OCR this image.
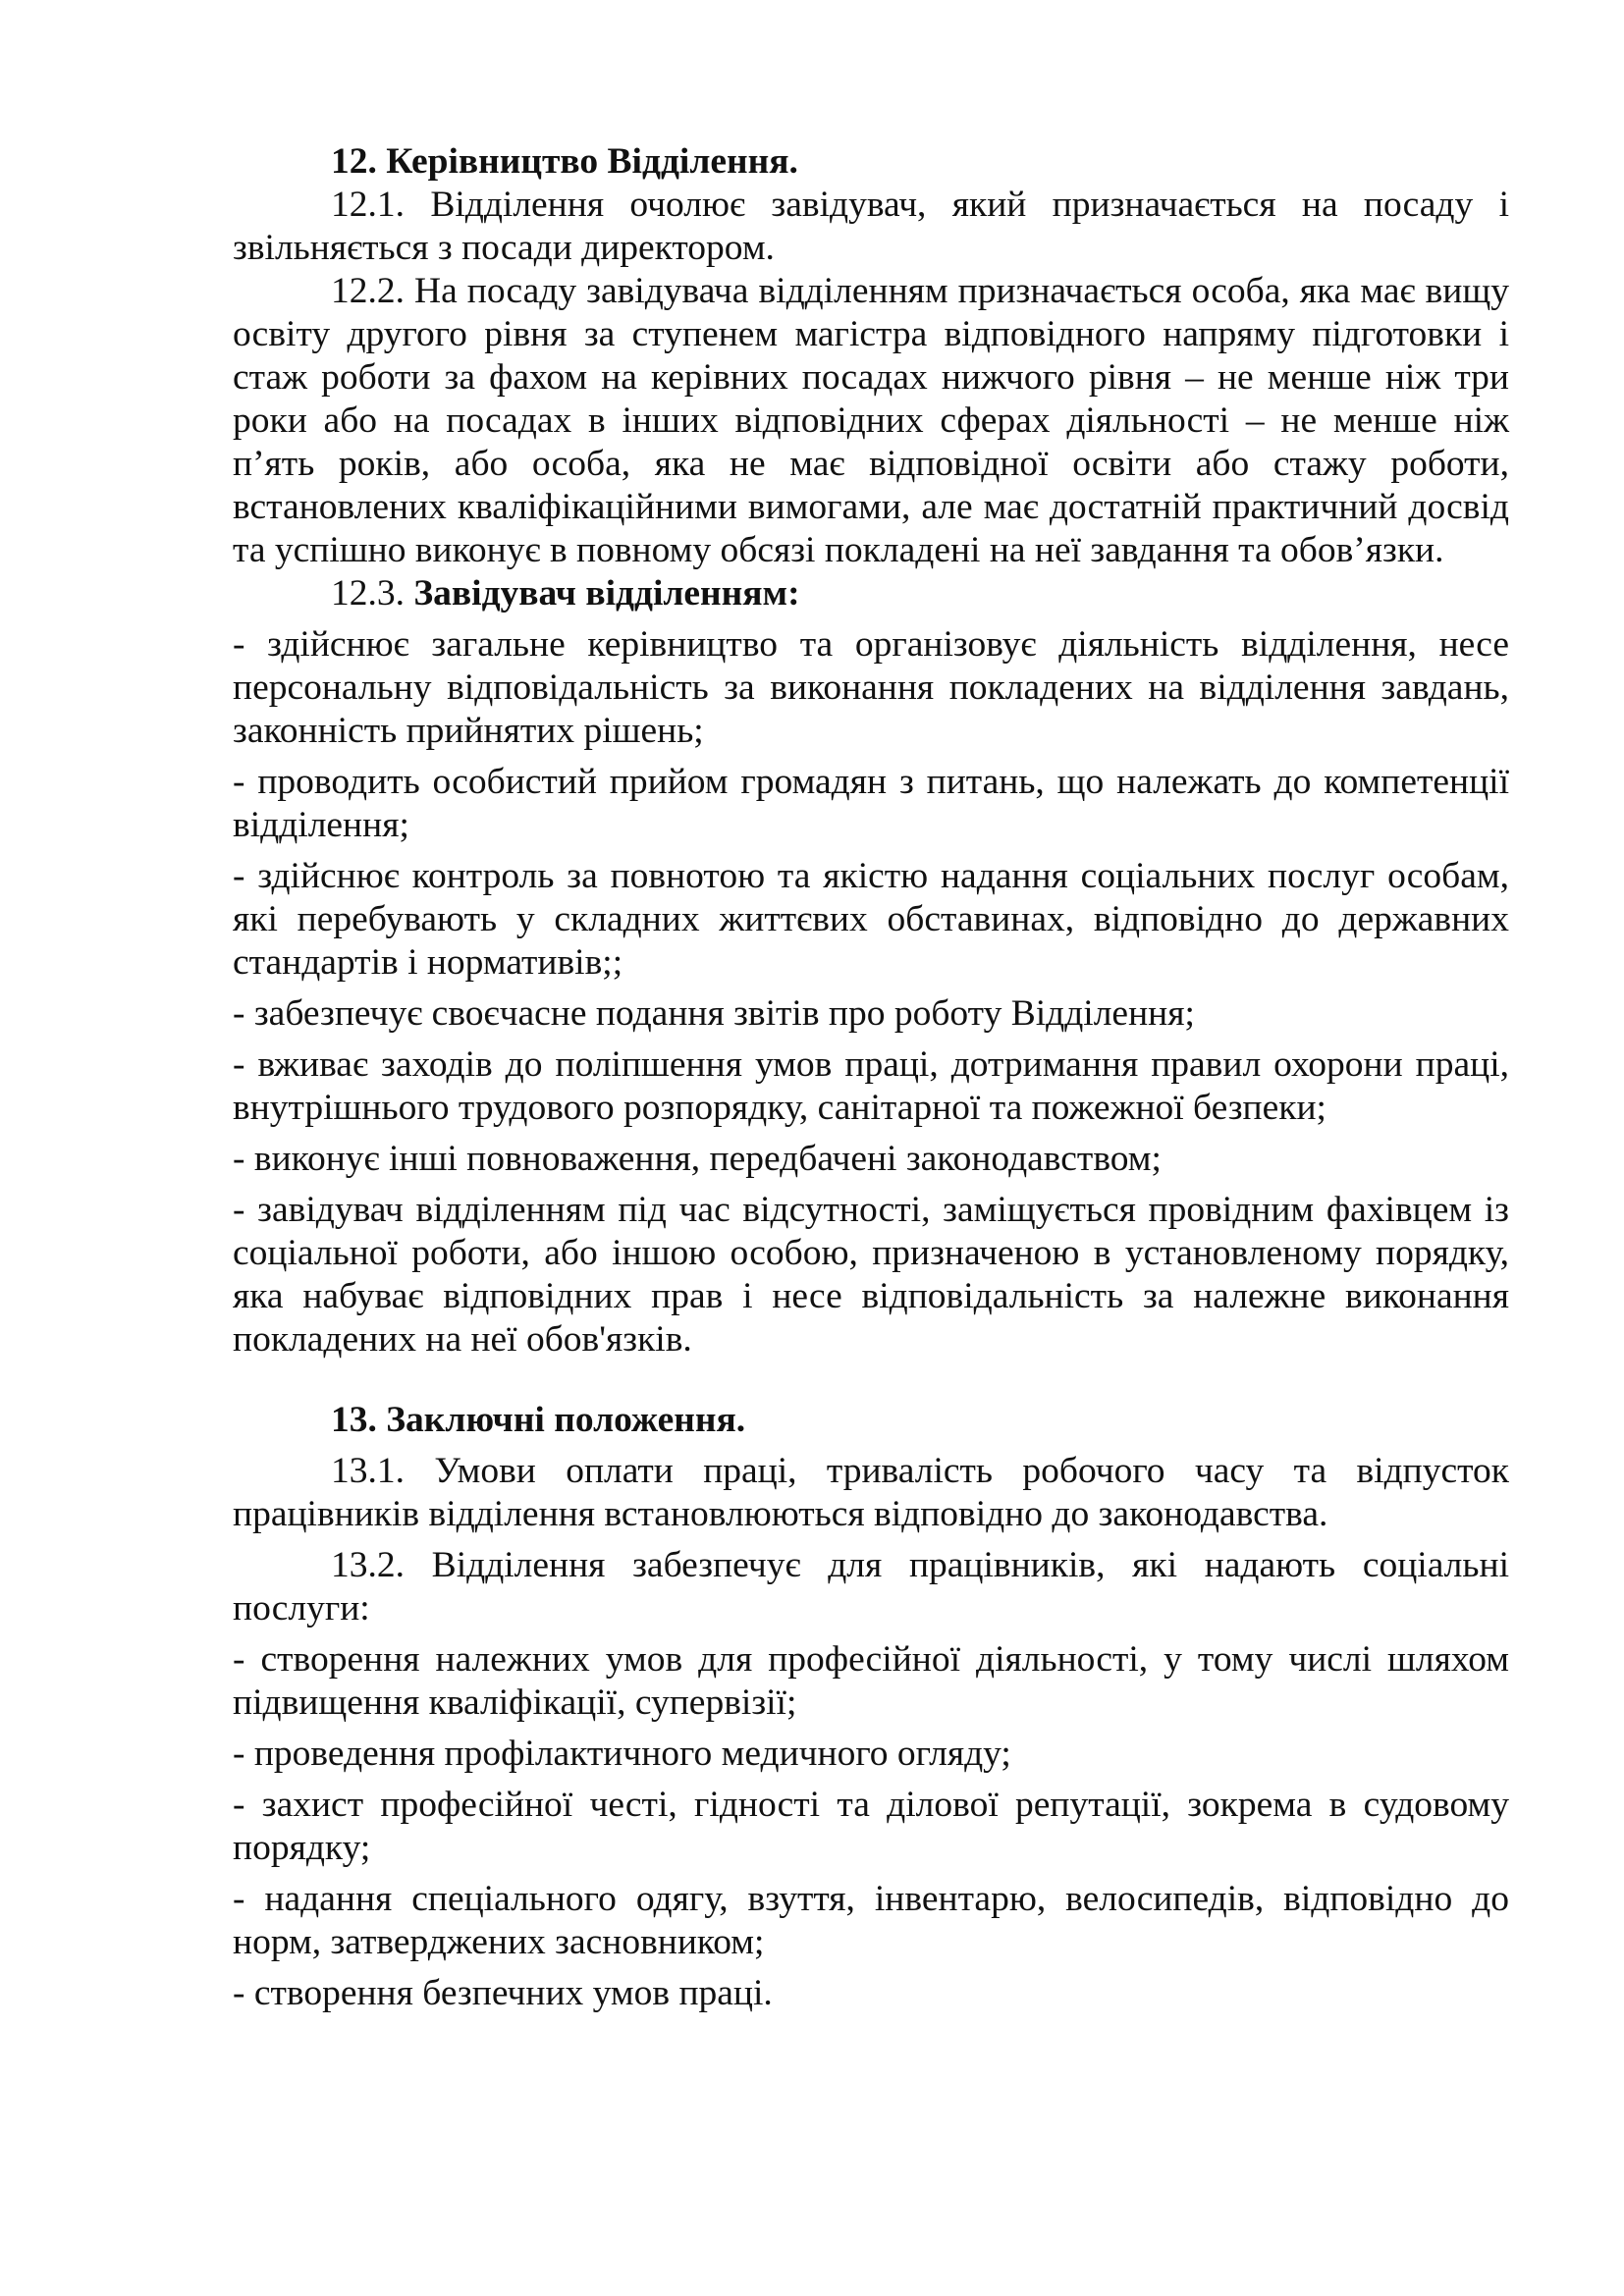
12. Керівництво Відділення.

12.1. Відділення очолює завідувач, який призначається на посаду і звільняється з посади директором.

12.2. На посаду завідувача відділенням призначається особа, яка має вищу освіту другого рівня за ступенем магістра відповідного напряму підготовки і стаж роботи за фахом на керівних посадах нижчого рівня – не менше ніж три роки або на посадах в інших відповідних сферах діяльності – не менше ніж п’ять років, або особа, яка не має відповідної освіти або стажу роботи, встановлених кваліфікаційними вимогами, але має достатній практичний досвід та успішно виконує в повному обсязі покладені на неї завдання та обов’язки.

12.3. Завідувач відділенням:

- здійснює загальне керівництво та організовує діяльність відділення, несе персональну відповідальність за виконання покладених на відділення завдань, законність прийнятих рішень;

- проводить особистий прийом громадян з питань, що належать до компетенції відділення;

- здійснює контроль за повнотою та якістю надання соціальних послуг особам, які перебувають у складних життєвих обставинах, відповідно до державних стандартів і нормативів;;

- забезпечує своєчасне подання звітів про роботу Відділення;

- вживає заходів до поліпшення умов праці, дотримання правил охорони праці, внутрішнього трудового розпорядку, санітарної та пожежної безпеки;

- виконує інші повноваження, передбачені законодавством;

- завідувач відділенням під час відсутності, заміщується провідним фахівцем із соціальної роботи, або іншою особою, призначеною в установленому порядку, яка набуває відповідних прав і несе відповідальність за належне виконання покладених на неї обов'язків.

13. Заключні положення.

13.1. Умови оплати праці, тривалість робочого часу та відпусток працівників відділення встановлюються відповідно до законодавства.

13.2. Відділення забезпечує для працівників, які надають соціальні послуги:

- створення належних умов для професійної діяльності, у тому числі шляхом підвищення кваліфікації, супервізії;

- проведення профілактичного медичного огляду;

- захист професійної честі, гідності та ділової репутації, зокрема в судовому порядку;

- надання спеціального одягу, взуття, інвентарю, велосипедів, відповідно до норм, затверджених засновником;

- створення безпечних умов праці.
